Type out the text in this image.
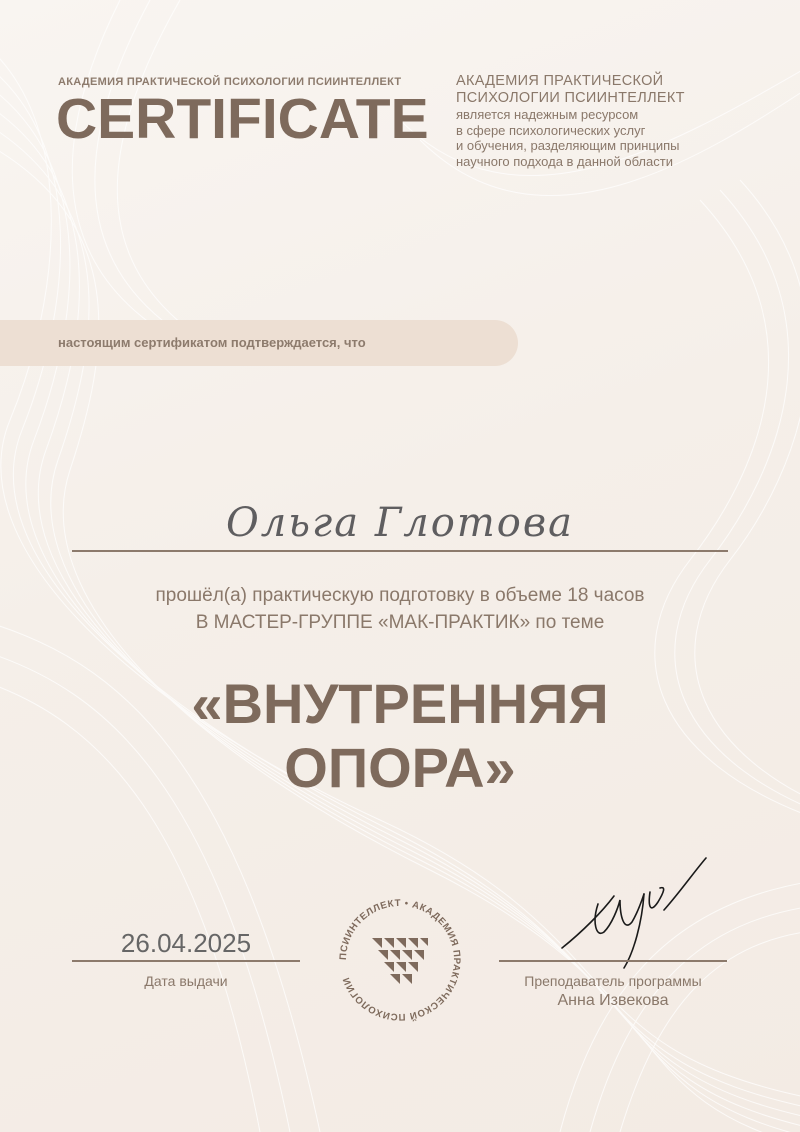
АКАДЕМИЯ ПРАКТИЧЕСКОЙ ПСИХОЛОГИИ ПСИИНТЕЛЛЕКТ
CERTIFICATE
АКАДЕМИЯ ПРАКТИЧЕСКОЙ
ПСИХОЛОГИИ ПСИИНТЕЛЛЕКТ
является надежным ресурсом
в сфере психологических услуг
и обучения, разделяющим принципы
научного подхода в данной области
настоящим сертификатом подтверждается, что
Ольга Глотова
прошёл(а) практическую подготовку в объеме 18 часов
В МАСТЕР-ГРУППЕ «МАК-ПРАКТИК» по теме
«ВНУТРЕННЯЯ
ОПОРА»
26.04.2025
Дата выдачи
ПСИИНТЕЛЛЕКТ • АКАДЕМИЯ ПРАКТИЧЕСКОЙ ПСИХОЛОГИИ	Преподаватель программы
Анна Извекова
